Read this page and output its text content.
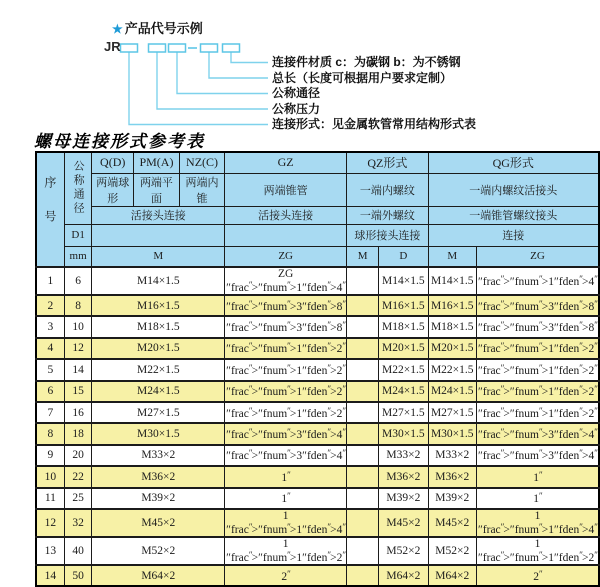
★ 产品代号示例
JR
连接件材质 c：为碳钢 b：为不锈钢
总长（长度可根据用户要求定制）
公称通径
公称压力
连接形式：见金属软管常用结构形式表
螺母连接形式参考表
序号	公称通径	Q(D)	PM(A)	NZ(C)	GZ	QZ形式		QG形式	
		两端球形	两端平面	两端内锥	两端锥管	一端内螺纹		一端内螺纹活接头	
		活接头连接			活接头连接	一端外螺纹		一端锥管螺纹接头	
	D1					球形接头连接		连接	
	mm	M			ZG	M	D	M	ZG
1	6	M14×1.5			ZG ″frac″>″fnum″>1″fden″>4″		M14×1.5	M14×1.5	″frac″>″fnum″>1″fden″>4″
2	8	M16×1.5			″frac″>″fnum″>3″fden″>8″		M16×1.5	M16×1.5	″frac″>″fnum″>3″fden″>8″
3	10	M18×1.5			″frac″>″fnum″>3″fden″>8″		M18×1.5	M18×1.5	″frac″>″fnum″>3″fden″>8″
4	12	M20×1.5			″frac″>″fnum″>1″fden″>2″		M20×1.5	M20×1.5	″frac″>″fnum″>1″fden″>2″
5	14	M22×1.5			″frac″>″fnum″>1″fden″>2″		M22×1.5	M22×1.5	″frac″>″fnum″>1″fden″>2″
6	15	M24×1.5			″frac″>″fnum″>1″fden″>2″		M24×1.5	M24×1.5	″frac″>″fnum″>1″fden″>2″
7	16	M27×1.5			″frac″>″fnum″>1″fden″>2″		M27×1.5	M27×1.5	″frac″>″fnum″>1″fden″>2″
8	18	M30×1.5			″frac″>″fnum″>3″fden″>4″		M30×1.5	M30×1.5	″frac″>″fnum″>3″fden″>4″
9	20	M33×2			″frac″>″fnum″>3″fden″>4″		M33×2	M33×2	″frac″>″fnum″>3″fden″>4″
10	22	M36×2			1″		M36×2	M36×2	1″
11	25	M39×2			1″		M39×2	M39×2	1″
12	32	M45×2			1 ″frac″>″fnum″>1″fden″>4″		M45×2	M45×2	1 ″frac″>″fnum″>1″fden″>4″
13	40	M52×2			1 ″frac″>″fnum″>1″fden″>2″		M52×2	M52×2	1 ″frac″>″fnum″>1″fden″>2″
14	50	M64×2			2″		M64×2	M64×2	2″
